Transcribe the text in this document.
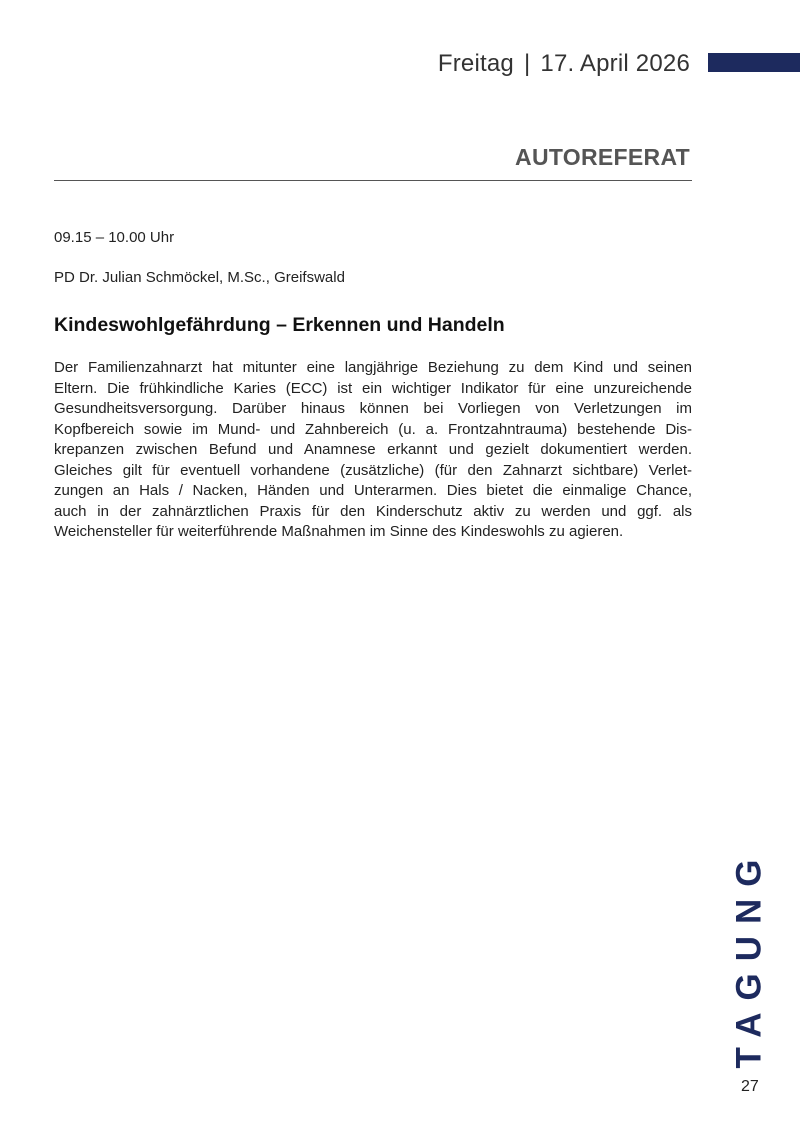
Freitag | 17. April 2026
AUTOREFERAT
09.15 – 10.00 Uhr
PD Dr. Julian Schmöckel, M.Sc., Greifswald
Kindeswohlgefährdung – Erkennen und Handeln
Der Familienzahnarzt hat mitunter eine langjährige Beziehung zu dem Kind und seinen
Eltern. Die frühkindliche Karies (ECC) ist ein wichtiger Indikator für eine unzureichende
Gesundheitsversorgung. Darüber hinaus können bei Vorliegen von Verletzungen im
Kopfbereich sowie im Mund- und Zahnbereich (u. a. Frontzahntrauma) bestehende Dis-
krepanzen zwischen Befund und Anamnese erkannt und gezielt dokumentiert werden.
Gleiches gilt für eventuell vorhandene (zusätzliche) (für den Zahnarzt sichtbare) Verlet-
zungen an Hals / Nacken, Händen und Unterarmen. Dies bietet die einmalige Chance,
auch in der zahnärztlichen Praxis für den Kinderschutz aktiv zu werden und ggf. als
Weichensteller für weiterführende Maßnahmen im Sinne des Kindeswohls zu agieren.
TAGUNG
27
